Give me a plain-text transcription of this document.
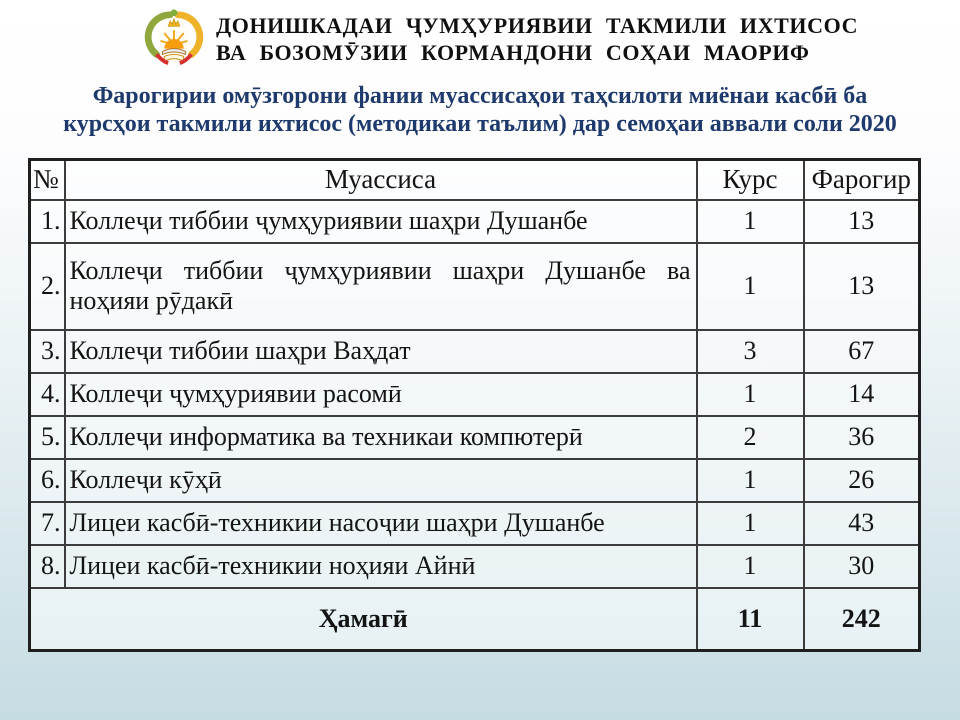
ДОНИШКАДАИ ҶУМҲУРИЯВИИ ТАКМИЛИ ИХТИСОС
ВА БОЗОМӮЗИИ КОРМАНДОНИ СОҲАИ МАОРИФ
Фарогирии омӯзгорони фании муассисаҳои таҳсилоти миёнаи касбӣ ба
курсҳои такмили ихтисос (методикаи таълим) дар семоҳаи аввали соли 2020
№	Муассиса	Курс	Фарогир
1.	Коллеҷи тиббии ҷумҳуриявии шаҳри Душанбе	1	13
2.	Коллеҷи тиббии ҷумҳуриявии шаҳри Душанбе ва ноҳияи рӯдакӣ	1	13
3.	Коллеҷи тиббии шаҳри Ваҳдат	3	67
4.	Коллеҷи ҷумҳуриявии расомӣ	1	14
5.	Коллеҷи информатика ва техникаи компютерӣ	2	36
6.	Коллеҷи кӯҳӣ	1	26
7.	Лицеи касбӣ-техникии насоҷии шаҳри Душанбе	1	43
8.	Лицеи касбӣ-техникии ноҳияи Айнӣ	1	30
Ҳамагӣ		11	242
